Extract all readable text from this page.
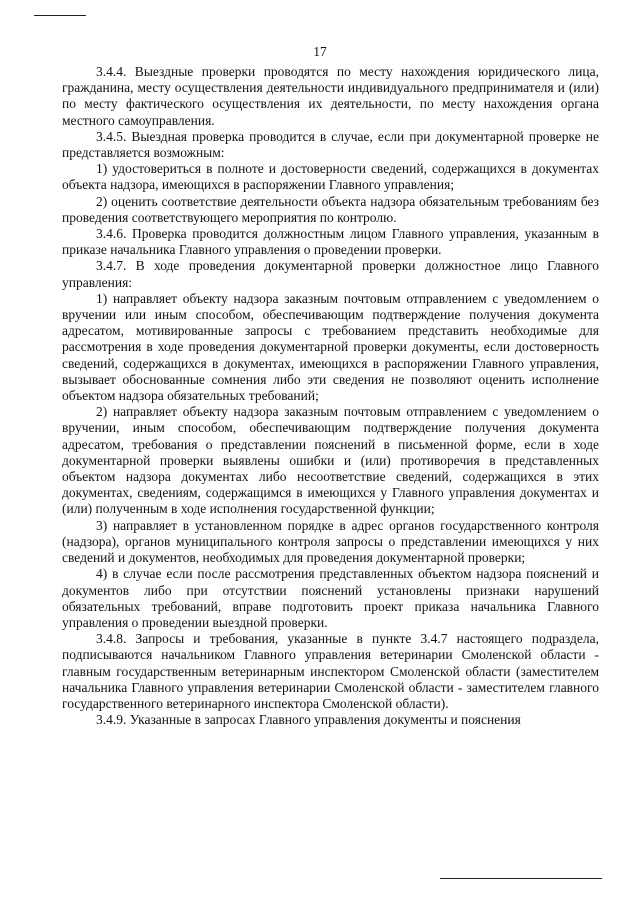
17

3.4.4. Выездные проверки проводятся по месту нахождения юридического лица, гражданина, месту осуществления деятельности индивидуального предпринимателя и (или) по месту фактического осуществления их деятельности, по месту нахождения органа местного самоуправления.

3.4.5. Выездная проверка проводится в случае, если при документарной проверке не представляется возможным:

1) удостовериться в полноте и достоверности сведений, содержащихся в документах объекта надзора, имеющихся в распоряжении Главного управления;

2) оценить соответствие деятельности объекта надзора обязательным требованиям без проведения соответствующего мероприятия по контролю.

3.4.6. Проверка проводится должностным лицом Главного управления, указанным в приказе начальника Главного управления о проведении проверки.

3.4.7. В ходе проведения документарной проверки должностное лицо Главного управления:

1) направляет объекту надзора заказным почтовым отправлением с уведомлением о вручении или иным способом, обеспечивающим подтверждение получения документа адресатом, мотивированные запросы с требованием представить необходимые для рассмотрения в ходе проведения документарной проверки документы, если достоверность сведений, содержащихся в документах, имеющихся в распоряжении Главного управления, вызывает обоснованные сомнения либо эти сведения не позволяют оценить исполнение объектом надзора обязательных требований;

2) направляет объекту надзора заказным почтовым отправлением с уведомлением о вручении, иным способом, обеспечивающим подтверждение получения документа адресатом, требования о представлении пояснений в письменной форме, если в ходе документарной проверки выявлены ошибки и (или) противоречия в представленных объектом надзора документах либо несоответствие сведений, содержащихся в этих документах, сведениям, содержащимся в имеющихся у Главного управления документах и (или) полученным в ходе исполнения государственной функции;

3) направляет в установленном порядке в адрес органов государственного контроля (надзора), органов муниципального контроля запросы о представлении имеющихся у них сведений и документов, необходимых для проведения документарной проверки;

4) в случае если после рассмотрения представленных объектом надзора пояснений и документов либо при отсутствии пояснений установлены признаки нарушений обязательных требований, вправе подготовить проект приказа начальника Главного управления о проведении выездной проверки.

3.4.8. Запросы и требования, указанные в пункте 3.4.7 настоящего подраздела, подписываются начальником Главного управления ветеринарии Смоленской области - главным государственным ветеринарным инспектором Смоленской области (заместителем начальника Главного управления ветеринарии Смоленской области - заместителем главного государственного ветеринарного инспектора Смоленской области).

3.4.9. Указанные в запросах Главного управления документы и пояснения
